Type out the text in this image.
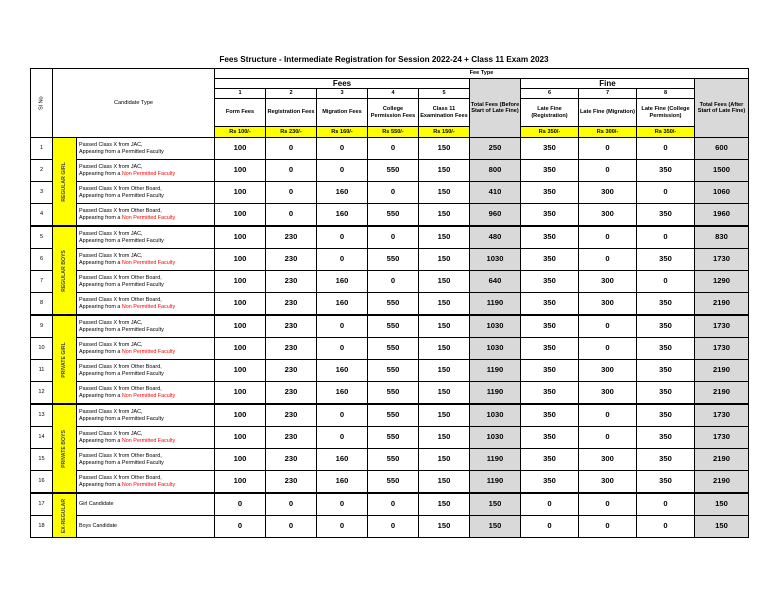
Fees Structure - Intermediate Registration for Session 2022-24 + Class 11 Exam 2023
Sl No	Candidate Type		Fee Type									
			Fees					Total Fees (Before Start of Late Fine)	Fine			Total Fees (After Start of Late Fine)
			1	2	3	4	5		6	7	8	
			Form Fees	Registration Fees	Migration Fees	College Permission Fees	Class 11 Examination Fees		Late Fine (Registration)	Late Fine (Migration)	Late Fine (College Permission)	
			Rs 100/-	Rs 230/-	Rs 160/-	Rs 550/-	Rs 150/-		Rs 350/-	Rs 300/-	Rs 350/-	
1	REGULAR GIRL	Passed Class X from JAC,
Appearing from a Permitted Faculty	100	0	0	0	150	250	350	0	0	600
2		Passed Class X from JAC,
Appearing from a Non Permitted Faculty	100	0	0	550	150	800	350	0	350	1500
3		Passed Class X from Other Board,
Appearing from a Permitted Faculty	100	0	160	0	150	410	350	300	0	1060
4		Passed Class X from Other Board,
Appearing from a Non Permitted Faculty	100	0	160	550	150	960	350	300	350	1960
5	REGULAR BOYS	Passed Class X from JAC,
Appearing from a Permitted Faculty	100	230	0	0	150	480	350	0	0	830
6		Passed Class X from JAC,
Appearing from a Non Permitted Faculty	100	230	0	550	150	1030	350	0	350	1730
7		Passed Class X from Other Board,
Appearing from a Permitted Faculty	100	230	160	0	150	640	350	300	0	1290
8		Passed Class X from Other Board,
Appearing from a Non Permitted Faculty	100	230	160	550	150	1190	350	300	350	2190
9	PRIVATE GIRL	Passed Class X from JAC,
Appearing from a Permitted Faculty	100	230	0	550	150	1030	350	0	350	1730
10		Passed Class X from JAC,
Appearing from a Non Permitted Faculty	100	230	0	550	150	1030	350	0	350	1730
11		Passed Class X from Other Board,
Appearing from a Permitted Faculty	100	230	160	550	150	1190	350	300	350	2190
12		Passed Class X from Other Board,
Appearing from a Non Permitted Faculty	100	230	160	550	150	1190	350	300	350	2190
13	PRIVATE BOYS	Passed Class X from JAC,
Appearing from a Permitted Faculty	100	230	0	550	150	1030	350	0	350	1730
14		Passed Class X from JAC,
Appearing from a Non Permitted Faculty	100	230	0	550	150	1030	350	0	350	1730
15		Passed Class X from Other Board,
Appearing from a Permitted Faculty	100	230	160	550	150	1190	350	300	350	2190
16		Passed Class X from Other Board,
Appearing from a Non Permitted Faculty	100	230	160	550	150	1190	350	300	350	2190
17	EX-REGULAR	Girl Candidate	0	0	0	0	150	150	0	0	0	150
18		Boys Candidate	0	0	0	0	150	150	0	0	0	150
